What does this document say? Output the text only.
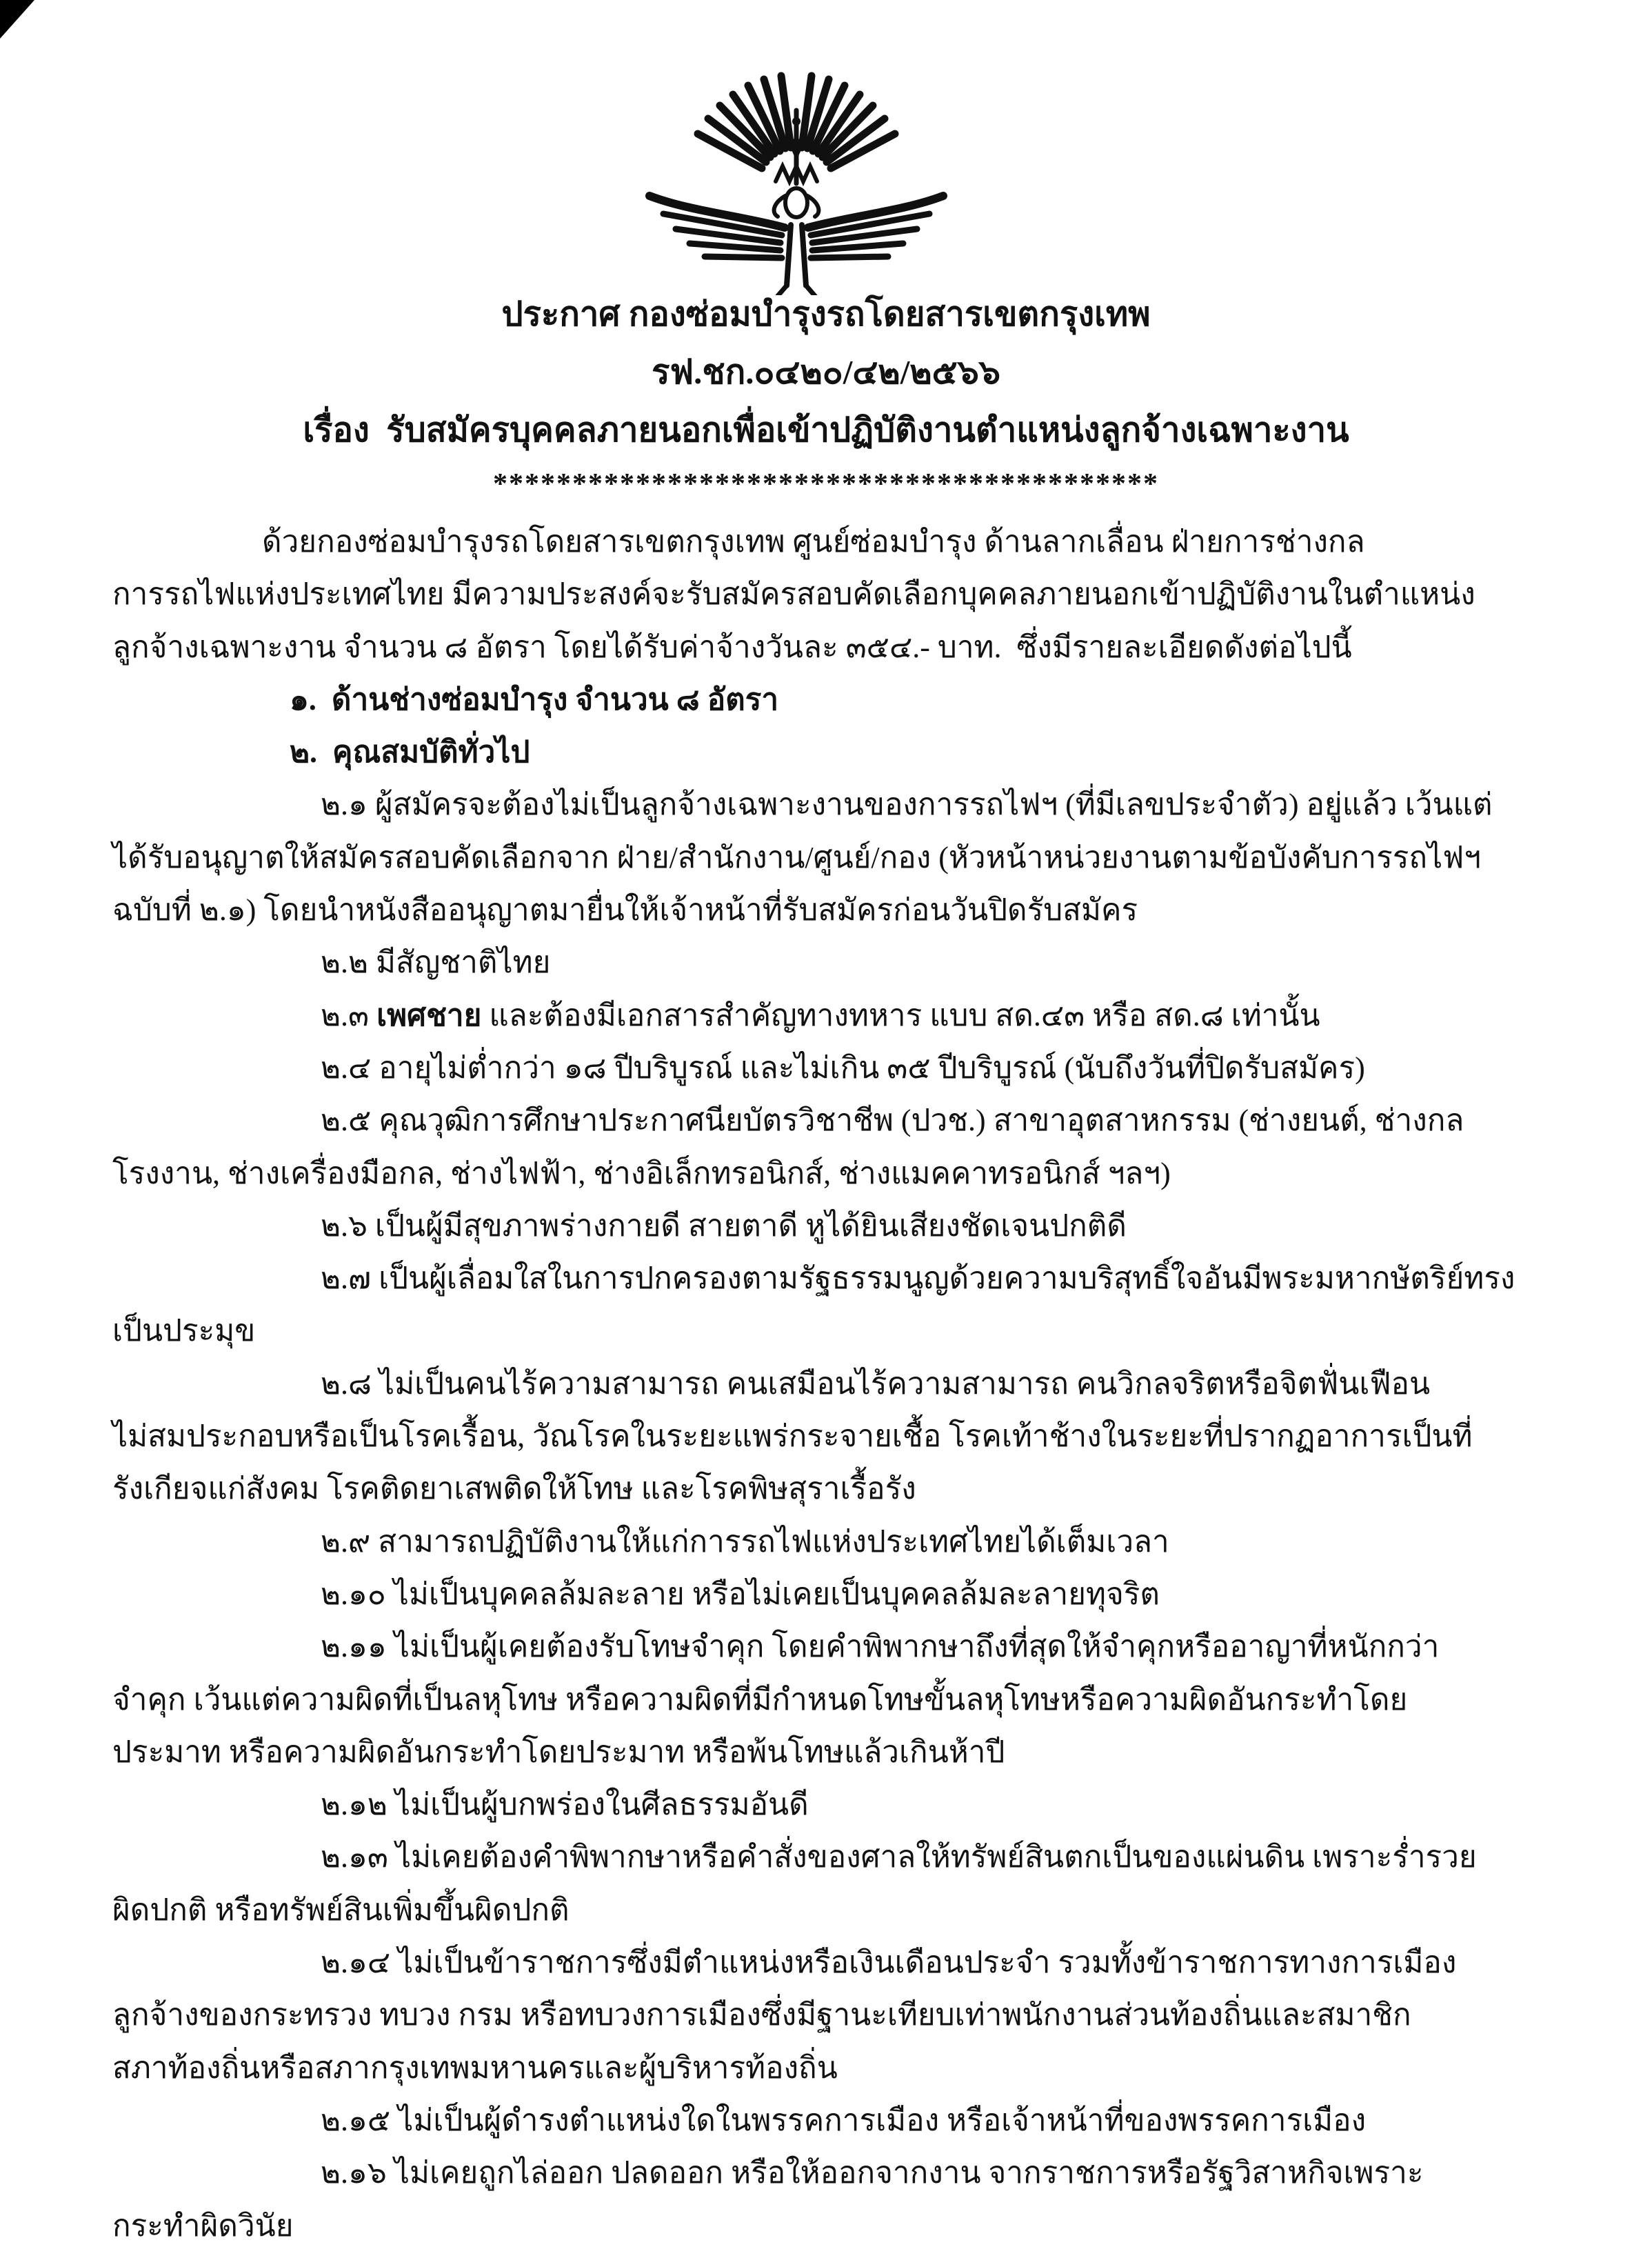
ประกาศ กองซ่อมบำรุงรถโดยสารเขตกรุงเทพ
รฟ.ชก.๐๔๒๐/๔๒/๒๕๖๖
เรื่อง  รับสมัครบุคคลภายนอกเพื่อเข้าปฏิบัติงานตำแหน่งลูกจ้างเฉพาะงาน
******************************************
ด้วยกองซ่อมบำรุงรถโดยสารเขตกรุงเทพ ศูนย์ซ่อมบำรุง ด้านลากเลื่อน ฝ่ายการช่างกล
การรถไฟแห่งประเทศไทย มีความประสงค์จะรับสมัครสอบคัดเลือกบุคคลภายนอกเข้าปฏิบัติงานในตำแหน่ง
ลูกจ้างเฉพาะงาน จำนวน ๘ อัตรา โดยได้รับค่าจ้างวันละ ๓๕๔.- บาท.  ซึ่งมีรายละเอียดดังต่อไปนี้
๑.  ด้านช่างซ่อมบำรุง จำนวน ๘ อัตรา
๒.  คุณสมบัติทั่วไป
๒.๑ ผู้สมัครจะต้องไม่เป็นลูกจ้างเฉพาะงานของการรถไฟฯ (ที่มีเลขประจำตัว) อยู่แล้ว เว้นแต่
ได้รับอนุญาตให้สมัครสอบคัดเลือกจาก ฝ่าย/สำนักงาน/ศูนย์/กอง (หัวหน้าหน่วยงานตามข้อบังคับการรถไฟฯ
ฉบับที่ ๒.๑) โดยนำหนังสืออนุญาตมายื่นให้เจ้าหน้าที่รับสมัครก่อนวันปิดรับสมัคร
๒.๒ มีสัญชาติไทย
๒.๓ เพศชาย และต้องมีเอกสารสำคัญทางทหาร แบบ สด.๔๓ หรือ สด.๘ เท่านั้น
๒.๔ อายุไม่ต่ำกว่า ๑๘ ปีบริบูรณ์ และไม่เกิน ๓๕ ปีบริบูรณ์ (นับถึงวันที่ปิดรับสมัคร)
๒.๕ คุณวุฒิการศึกษาประกาศนียบัตรวิชาชีพ (ปวช.) สาขาอุตสาหกรรม (ช่างยนต์, ช่างกล
โรงงาน, ช่างเครื่องมือกล, ช่างไฟฟ้า, ช่างอิเล็กทรอนิกส์, ช่างแมคคาทรอนิกส์ ฯลฯ)
๒.๖ เป็นผู้มีสุขภาพร่างกายดี สายตาดี หูได้ยินเสียงชัดเจนปกติดี
๒.๗ เป็นผู้เลื่อมใสในการปกครองตามรัฐธรรมนูญด้วยความบริสุทธิ์ใจอันมีพระมหากษัตริย์ทรง
เป็นประมุข
๒.๘ ไม่เป็นคนไร้ความสามารถ คนเสมือนไร้ความสามารถ คนวิกลจริตหรือจิตฟั่นเฟือน
ไม่สมประกอบหรือเป็นโรคเรื้อน, วัณโรคในระยะแพร่กระจายเชื้อ โรคเท้าช้างในระยะที่ปรากฏอาการเป็นที่
รังเกียจแก่สังคม โรคติดยาเสพติดให้โทษ และโรคพิษสุราเรื้อรัง
๒.๙ สามารถปฏิบัติงานให้แก่การรถไฟแห่งประเทศไทยได้เต็มเวลา
๒.๑๐ ไม่เป็นบุคคลล้มละลาย หรือไม่เคยเป็นบุคคลล้มละลายทุจริต
๒.๑๑ ไม่เป็นผู้เคยต้องรับโทษจำคุก โดยคำพิพากษาถึงที่สุดให้จำคุกหรืออาญาที่หนักกว่า
จำคุก เว้นแต่ความผิดที่เป็นลหุโทษ หรือความผิดที่มีกำหนดโทษขั้นลหุโทษหรือความผิดอันกระทำโดย
ประมาท หรือความผิดอันกระทำโดยประมาท หรือพ้นโทษแล้วเกินห้าปี
๒.๑๒ ไม่เป็นผู้บกพร่องในศีลธรรมอันดี
๒.๑๓ ไม่เคยต้องคำพิพากษาหรือคำสั่งของศาลให้ทรัพย์สินตกเป็นของแผ่นดิน เพราะร่ำรวย
ผิดปกติ หรือทรัพย์สินเพิ่มขึ้นผิดปกติ
๒.๑๔ ไม่เป็นข้าราชการซึ่งมีตำแหน่งหรือเงินเดือนประจำ รวมทั้งข้าราชการทางการเมือง
ลูกจ้างของกระทรวง ทบวง กรม หรือทบวงการเมืองซึ่งมีฐานะเทียบเท่าพนักงานส่วนท้องถิ่นและสมาชิก
สภาท้องถิ่นหรือสภากรุงเทพมหานครและผู้บริหารท้องถิ่น
๒.๑๕ ไม่เป็นผู้ดำรงตำแหน่งใดในพรรคการเมือง หรือเจ้าหน้าที่ของพรรคการเมือง
๒.๑๖ ไม่เคยถูกไล่ออก ปลดออก หรือให้ออกจากงาน จากราชการหรือรัฐวิสาหกิจเพราะ
กระทำผิดวินัย
